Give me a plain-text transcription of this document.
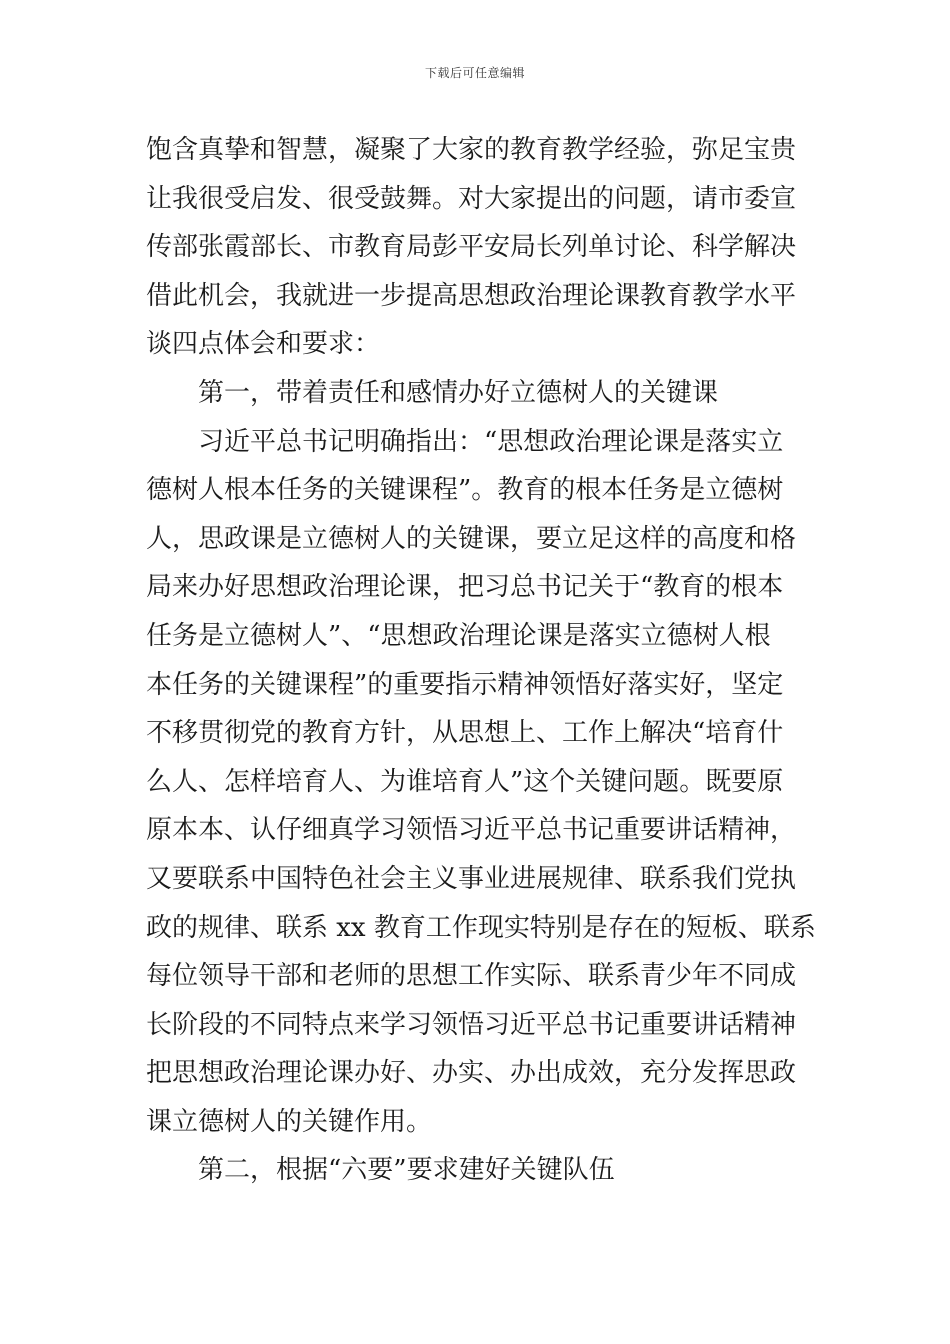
下载后可任意编辑
饱含真挚和智慧，凝聚了大家的教育教学经验，弥足宝贵
让我很受启发、很受鼓舞。对大家提出的问题，请市委宣
传部张霞部长、市教育局彭平安局长列单讨论、科学解决
借此机会，我就进一步提高思想政治理论课教育教学水平
谈四点体会和要求：
第一，带着责任和感情办好立德树人的关键课
习近平总书记明确指出：“思想政治理论课是落实立
德树人根本任务的关键课程”。教育的根本任务是立德树
人，思政课是立德树人的关键课，要立足这样的高度和格
局来办好思想政治理论课，把习总书记关于“教育的根本
任务是立德树人”、“思想政治理论课是落实立德树人根
本任务的关键课程”的重要指示精神领悟好落实好，坚定
不移贯彻党的教育方针，从思想上、工作上解决“培育什
么人、怎样培育人、为谁培育人”这个关键问题。既要原
原本本、认仔细真学习领悟习近平总书记重要讲话精神，
又要联系中国特色社会主义事业进展规律、联系我们党执
政的规律、联系 xx 教育工作现实特别是存在的短板、联系
每位领导干部和老师的思想工作实际、联系青少年不同成
长阶段的不同特点来学习领悟习近平总书记重要讲话精神
把思想政治理论课办好、办实、办出成效，充分发挥思政
课立德树人的关键作用。
第二，根据“六要”要求建好关键队伍
